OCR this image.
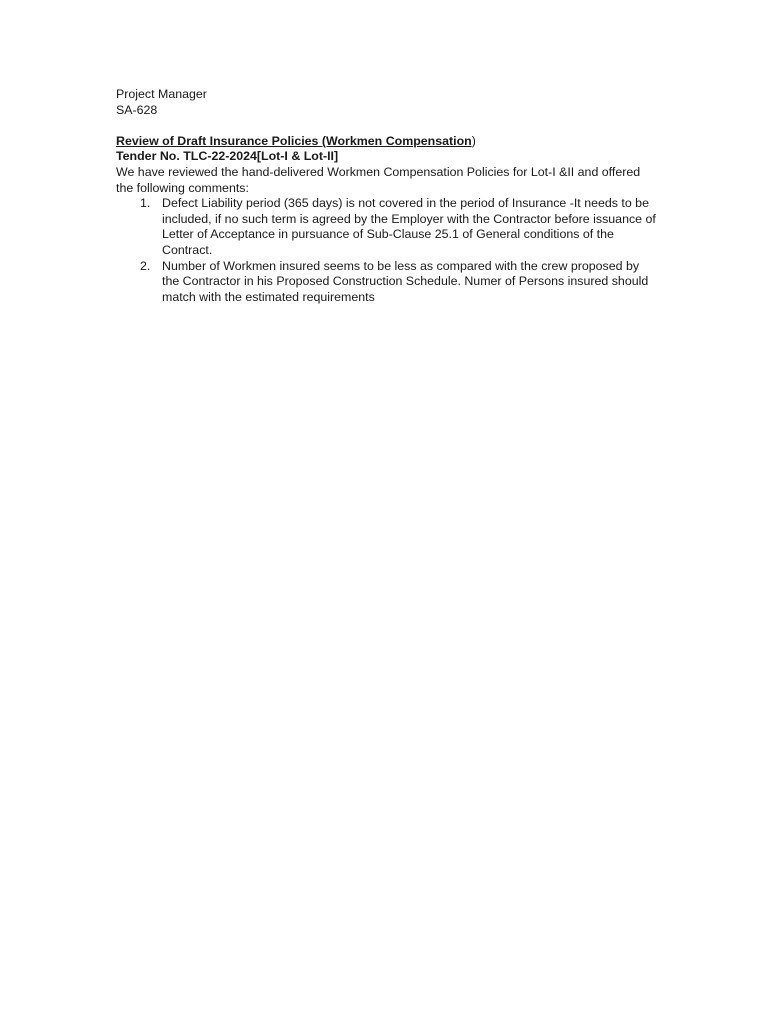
Project Manager

SA-628

Review of Draft Insurance Policies (Workmen Compensation)

Tender No. TLC-22-2024[Lot-I & Lot-II]

We have reviewed the hand-delivered Workmen Compensation Policies for Lot-I &II and offered the following comments:

1. Defect Liability period (365 days) is not covered in the period of Insurance -It needs to be included, if no such term is agreed by the Employer with the Contractor before issuance of Letter of Acceptance in pursuance of Sub-Clause 25.1 of General conditions of the Contract.
2. Number of Workmen insured seems to be less as compared with the crew proposed by the Contractor in his Proposed Construction Schedule. Numer of Persons insured should match with the estimated requirements
